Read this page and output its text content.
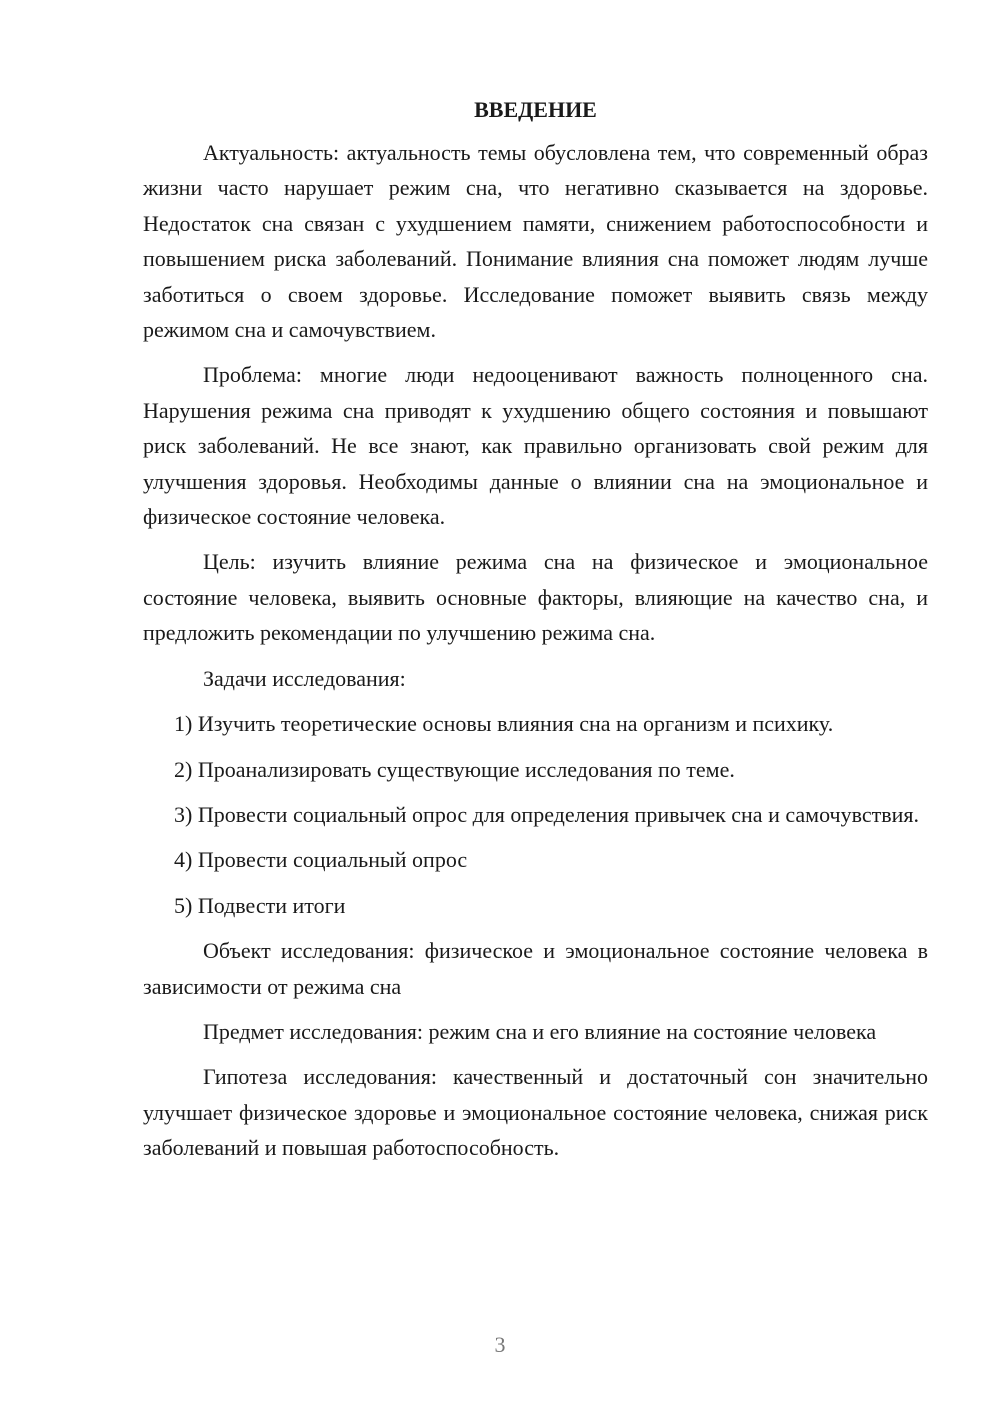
ВВЕДЕНИЕ

Актуальность: актуальность темы обусловлена тем, что современный образ жизни часто нарушает режим сна, что негативно сказывается на здоровье. Недостаток сна связан с ухудшением памяти, снижением работоспособности и повышением риска заболеваний. Понимание влияния сна поможет людям лучше заботиться о своем здоровье. Исследование поможет выявить связь между режимом сна и самочувствием.

Проблема: многие люди недооценивают важность полноценного сна. Нарушения режима сна приводят к ухудшению общего состояния и повышают риск заболеваний. Не все знают, как правильно организовать свой режим для улучшения здоровья. Необходимы данные о влиянии сна на эмоциональное и физическое состояние человека.

Цель: изучить влияние режима сна на физическое и эмоциональное состояние человека, выявить основные факторы, влияющие на качество сна, и предложить рекомендации по улучшению режима сна.

Задачи исследования:

1) Изучить теоретические основы влияния сна на организм и психику.

2) Проанализировать существующие исследования по теме.

3) Провести социальный опрос для определения привычек сна и самочувствия.

4) Провести социальный опрос

5) Подвести итоги

Объект исследования: физическое и эмоциональное состояние человека в зависимости от режима сна

Предмет исследования: режим сна и его влияние на состояние человека

Гипотеза исследования: качественный и достаточный сон значительно улучшает физическое здоровье и эмоциональное состояние человека, снижая риск заболеваний и повышая работоспособность.

3
